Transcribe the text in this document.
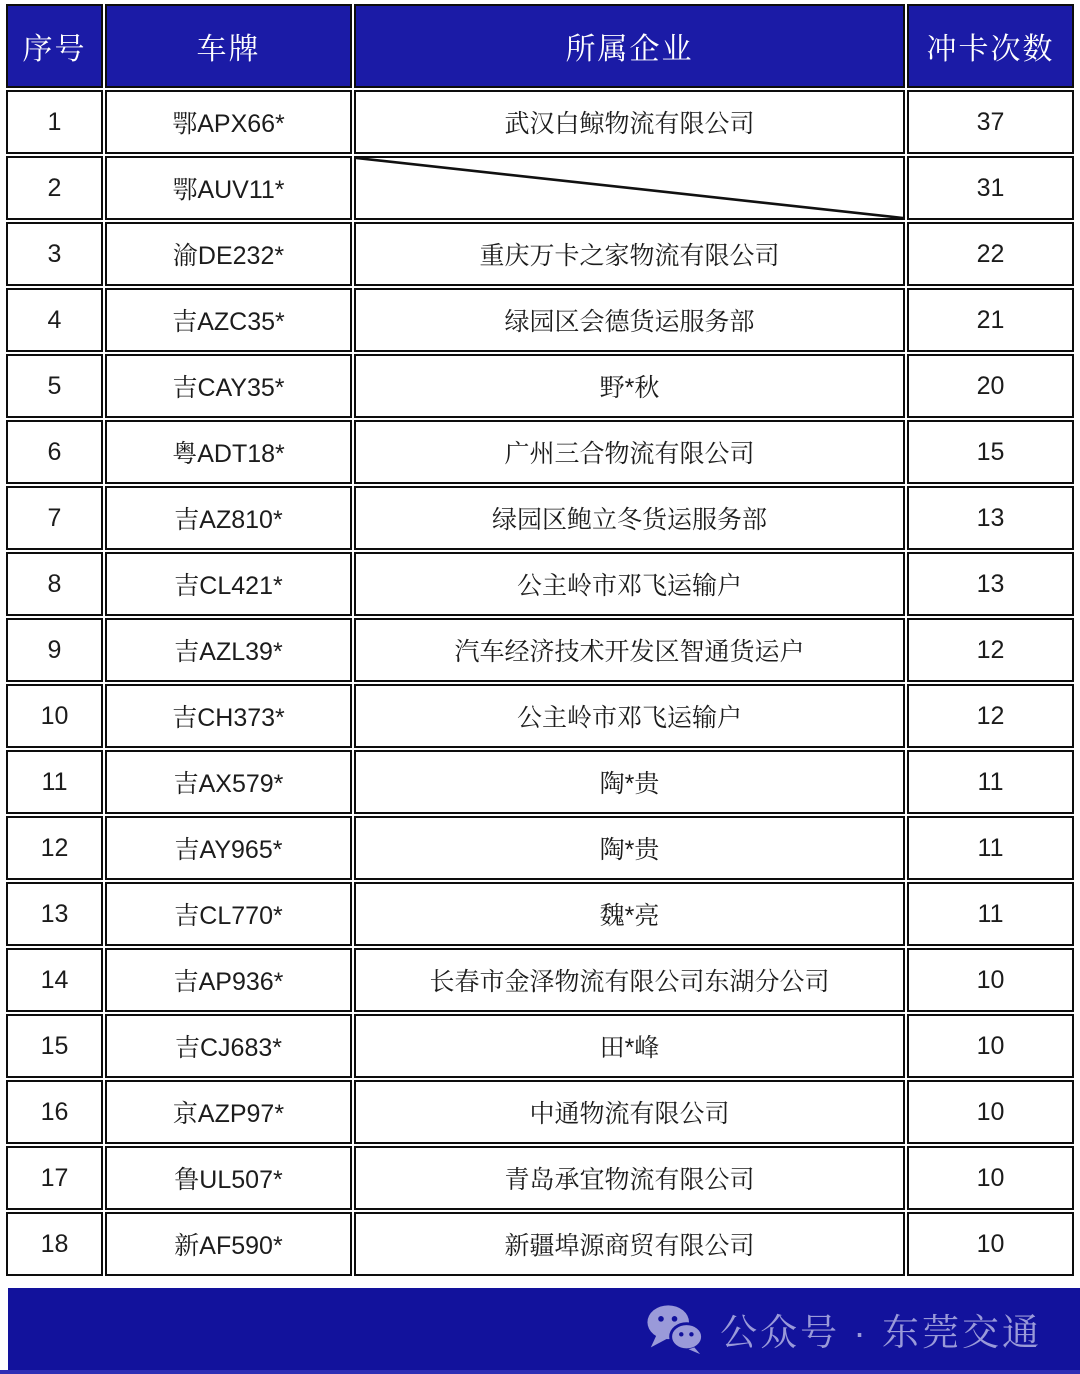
序号	车牌	所属企业	冲卡次数
1	鄂APX66*	武汉白鲸物流有限公司	37
2	鄂AUV11*		31
3	渝DE232*	重庆万卡之家物流有限公司	22
4	吉AZC35*	绿园区会德货运服务部	21
5	吉CAY35*	野*秋	20
6	粤ADT18*	广州三合物流有限公司	15
7	吉AZ810*	绿园区鲍立冬货运服务部	13
8	吉CL421*	公主岭市邓飞运输户	13
9	吉AZL39*	汽车经济技术开发区智通货运户	12
10	吉CH373*	公主岭市邓飞运输户	12
11	吉AX579*	陶*贵	11
12	吉AY965*	陶*贵	11
13	吉CL770*	魏*亮	11
14	吉AP936*	长春市金泽物流有限公司东湖分公司	10
15	吉CJ683*	田*峰	10
16	京AZP97*	中通物流有限公司	10
17	鲁UL507*	青岛承宜物流有限公司	10
18	新AF590*	新疆埠源商贸有限公司	10
公众号 · 东莞交通
